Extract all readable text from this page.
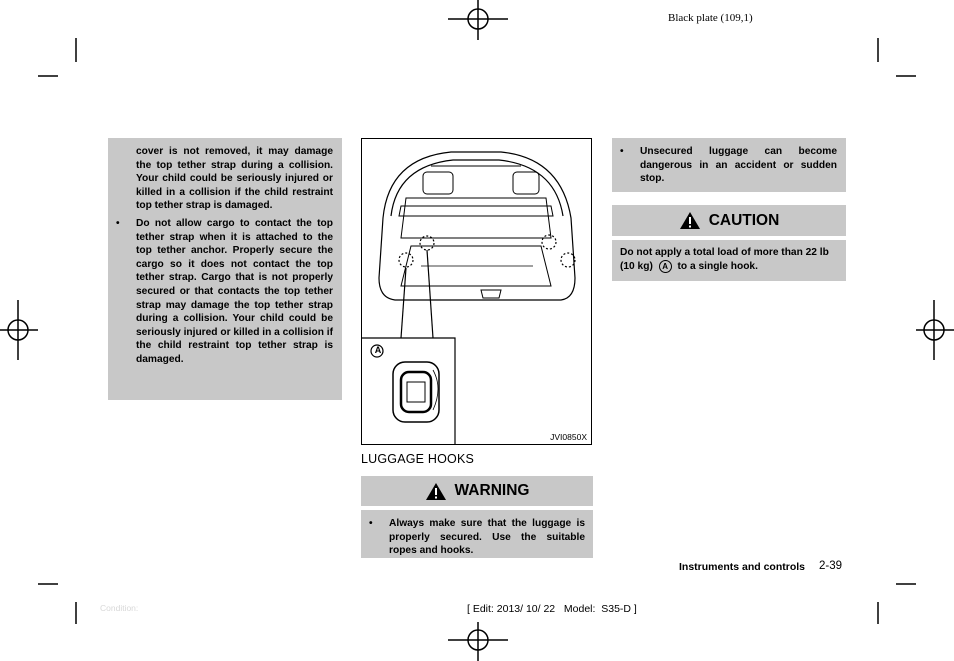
Black plate (109,1)
cover is not removed, it may damage the top tether strap during a collision. Your child could be seriously injured or killed in a collision if the child restraint top tether strap is damaged.
• Do not allow cargo to contact the top tether strap when it is attached to the top tether anchor. Properly secure the cargo so it does not contact the top tether strap. Cargo that is not properly secured or that contacts the top tether strap may damage the top tether strap during a collision. Your child could be seriously injured or killed in a collision if the child restraint top tether strap is damaged.
A
JVI0850X
LUGGAGE HOOKS
WARNING
• Always make sure that the luggage is properly secured. Use the suitable ropes and hooks.
• Unsecured luggage can become dangerous in an accident or sudden stop.
CAUTION
Do not apply a total load of more than 22 lb (10 kg) A to a single hook.
Instruments and controls 2-39
Condition:	[ Edit: 2013/ 10/ 22   Model:  S35-D ]
